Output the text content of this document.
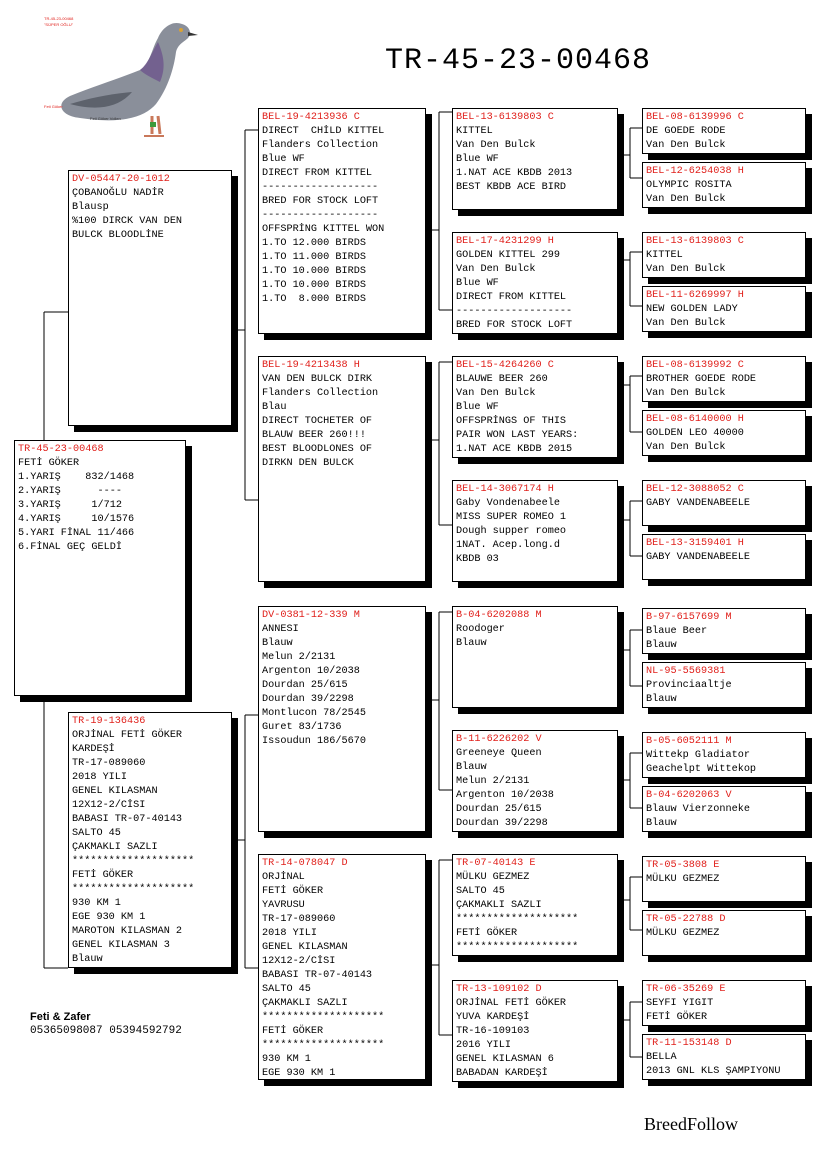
TR-45-23-00468
"SÜPER OĞLU"
Feti Göker
Feti Göker Vollen
TR-45-23-00468
TR-45-23-00468
FETİ GÖKER
1.YARIŞ    832/1468
2.YARIŞ      ----
3.YARIŞ     1/712
4.YARIŞ     10/1576
5.YARI FİNAL 11/466
6.FİNAL GEÇ GELDİ
DV-05447-20-1012
ÇOBANOĞLU NADİR
Blausp
%100 DIRCK VAN DEN
BULCK BLOODLİNE
TR-19-136436
ORJİNAL FETİ GÖKER
KARDEŞİ
TR-17-089060
2018 YILI
GENEL KILASMAN
12X12-2/CİSI
BABASI TR-07-40143
SALTO 45
ÇAKMAKLI SAZLI
********************
FETİ GÖKER
********************
930 KM 1
EGE 930 KM 1
MAROTON KILASMAN 2
GENEL KILASMAN 3
Blauw
BEL-19-4213936 C
DIRECT  CHİLD KITTEL
Flanders Collection
Blue WF
DIRECT FROM KITTEL
-------------------
BRED FOR STOCK LOFT
-------------------
OFFSPRİNG KITTEL WON
1.TO 12.000 BIRDS
1.TO 11.000 BIRDS
1.TO 10.000 BIRDS
1.TO 10.000 BIRDS
1.TO  8.000 BIRDS
BEL-19-4213438 H
VAN DEN BULCK DIRK
Flanders Collection
Blau
DIRECT TOCHETER OF
BLAUW BEER 260!!!
BEST BLOODLONES OF
DIRKN DEN BULCK
DV-0381-12-339 M
ANNESI
Blauw
Melun 2/2131
Argenton 10/2038
Dourdan 25/615
Dourdan 39/2298
Montlucon 78/2545
Guret 83/1736
Issoudun 186/5670
TR-14-078047 D
ORJİNAL
FETİ GÖKER
YAVRUSU
TR-17-089060
2018 YILI
GENEL KILASMAN
12X12-2/CİSI
BABASI TR-07-40143
SALTO 45
ÇAKMAKLI SAZLI
********************
FETİ GÖKER
********************
930 KM 1
EGE 930 KM 1
BEL-13-6139803 C
KITTEL
Van Den Bulck
Blue WF
1.NAT ACE KBDB 2013
BEST KBDB ACE BIRD
BEL-17-4231299 H
GOLDEN KITTEL 299
Van Den Bulck
Blue WF
DIRECT FROM KITTEL
-------------------
BRED FOR STOCK LOFT
BEL-15-4264260 C
BLAUWE BEER 260
Van Den Bulck
Blue WF
OFFSPRİNGS OF THIS
PAIR WON LAST YEARS:
1.NAT ACE KBDB 2015
BEL-14-3067174 H
Gaby Vondenabeele
MISS SUPER ROMEO 1
Dough supper romeo
1NAT. Acep.long.d
KBDB 03
B-04-6202088 M
Roodoger
Blauw
B-11-6226202 V
Greeneye Queen
Blauw
Melun 2/2131
Argenton 10/2038
Dourdan 25/615
Dourdan 39/2298
TR-07-40143 E
MÜLKU GEZMEZ
SALTO 45
ÇAKMAKLI SAZLI
********************
FETİ GÖKER
********************
TR-13-109102 D
ORJİNAL FETİ GÖKER
YUVA KARDEŞİ
TR-16-109103
2016 YILI
GENEL KILASMAN 6
BABADAN KARDEŞİ
BEL-08-6139996 C
DE GOEDE RODE
Van Den Bulck
BEL-12-6254038 H
OLYMPIC ROSITA
Van Den Bulck
BEL-13-6139803 C
KITTEL
Van Den Bulck
BEL-11-6269997 H
NEW GOLDEN LADY
Van Den Bulck
BEL-08-6139992 C
BROTHER GOEDE RODE
Van Den Bulck
BEL-08-6140000 H
GOLDEN LEO 40000
Van Den Bulck
BEL-12-3088052 C
GABY VANDENABEELE
BEL-13-3159401 H
GABY VANDENABEELE
B-97-6157699 M
Blaue Beer
Blauw
NL-95-5569381
Provinciaaltje
Blauw
B-05-6052111 M
Wittekp Gladiator
Geachelpt Wittekop
B-04-6202063 V
Blauw Vierzonneke
Blauw
TR-05-3808 E
MÜLKU GEZMEZ
TR-05-22788 D
MÜLKU GEZMEZ
TR-06-35269 E
SEYFI YIGIT
FETİ GÖKER
TR-11-153148 D
BELLA
2013 GNL KLS ŞAMPIYONU
Feti & Zafer
05365098087 05394592792
BreedFollow
